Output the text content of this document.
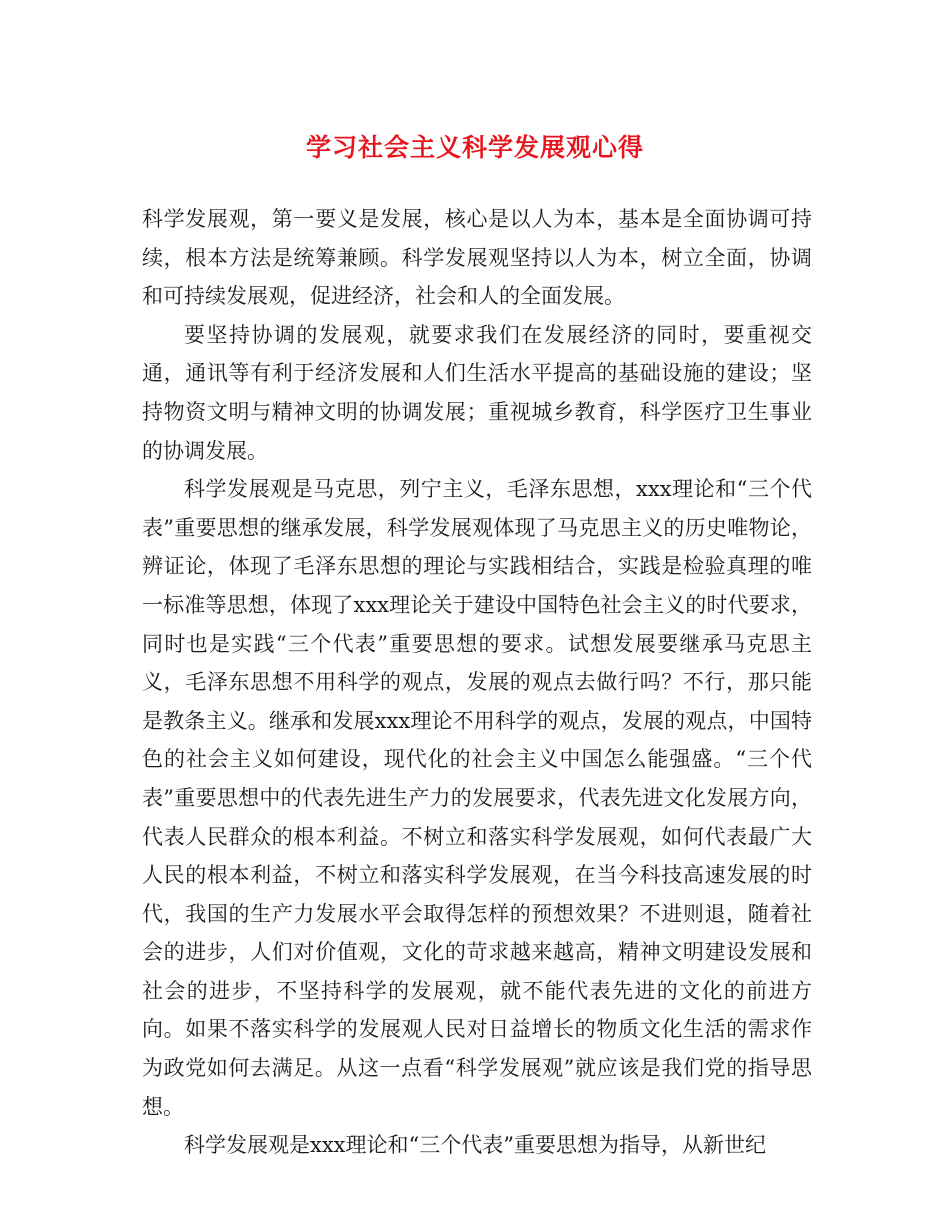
学习社会主义科学发展观心得

科学发展观，第一要义是发展，核心是以人为本，基本是全面协调可持续，根本方法是统筹兼顾。科学发展观坚持以人为本，树立全面，协调和可持续发展观，促进经济，社会和人的全面发展。

要坚持协调的发展观，就要求我们在发展经济的同时，要重视交通，通讯等有利于经济发展和人们生活水平提高的基础设施的建设；坚持物资文明与精神文明的协调发展；重视城乡教育，科学医疗卫生事业的协调发展。

科学发展观是马克思，列宁主义，毛泽东思想，xxx理论和“三个代表”重要思想的继承发展，科学发展观体现了马克思主义的历史唯物论，辨证论，体现了毛泽东思想的理论与实践相结合，实践是检验真理的唯一标准等思想，体现了xxx理论关于建设中国特色社会主义的时代要求，同时也是实践“三个代表”重要思想的要求。试想发展要继承马克思主义，毛泽东思想不用科学的观点，发展的观点去做行吗？不行，那只能是教条主义。继承和发展xxx理论不用科学的观点，发展的观点，中国特色的社会主义如何建设，现代化的社会主义中国怎么能强盛。“三个代表”重要思想中的代表先进生产力的发展要求，代表先进文化发展方向，代表人民群众的根本利益。不树立和落实科学发展观，如何代表最广大人民的根本利益，不树立和落实科学发展观，在当今科技高速发展的时代，我国的生产力发展水平会取得怎样的预想效果？不进则退，随着社会的进步，人们对价值观，文化的苛求越来越高，精神文明建设发展和社会的进步，不坚持科学的发展观，就不能代表先进的文化的前进方向。如果不落实科学的发展观人民对日益增长的物质文化生活的需求作为政党如何去满足。从这一点看“科学发展观”就应该是我们党的指导思想。

科学发展观是xxx理论和“三个代表”重要思想为指导，从新世纪
